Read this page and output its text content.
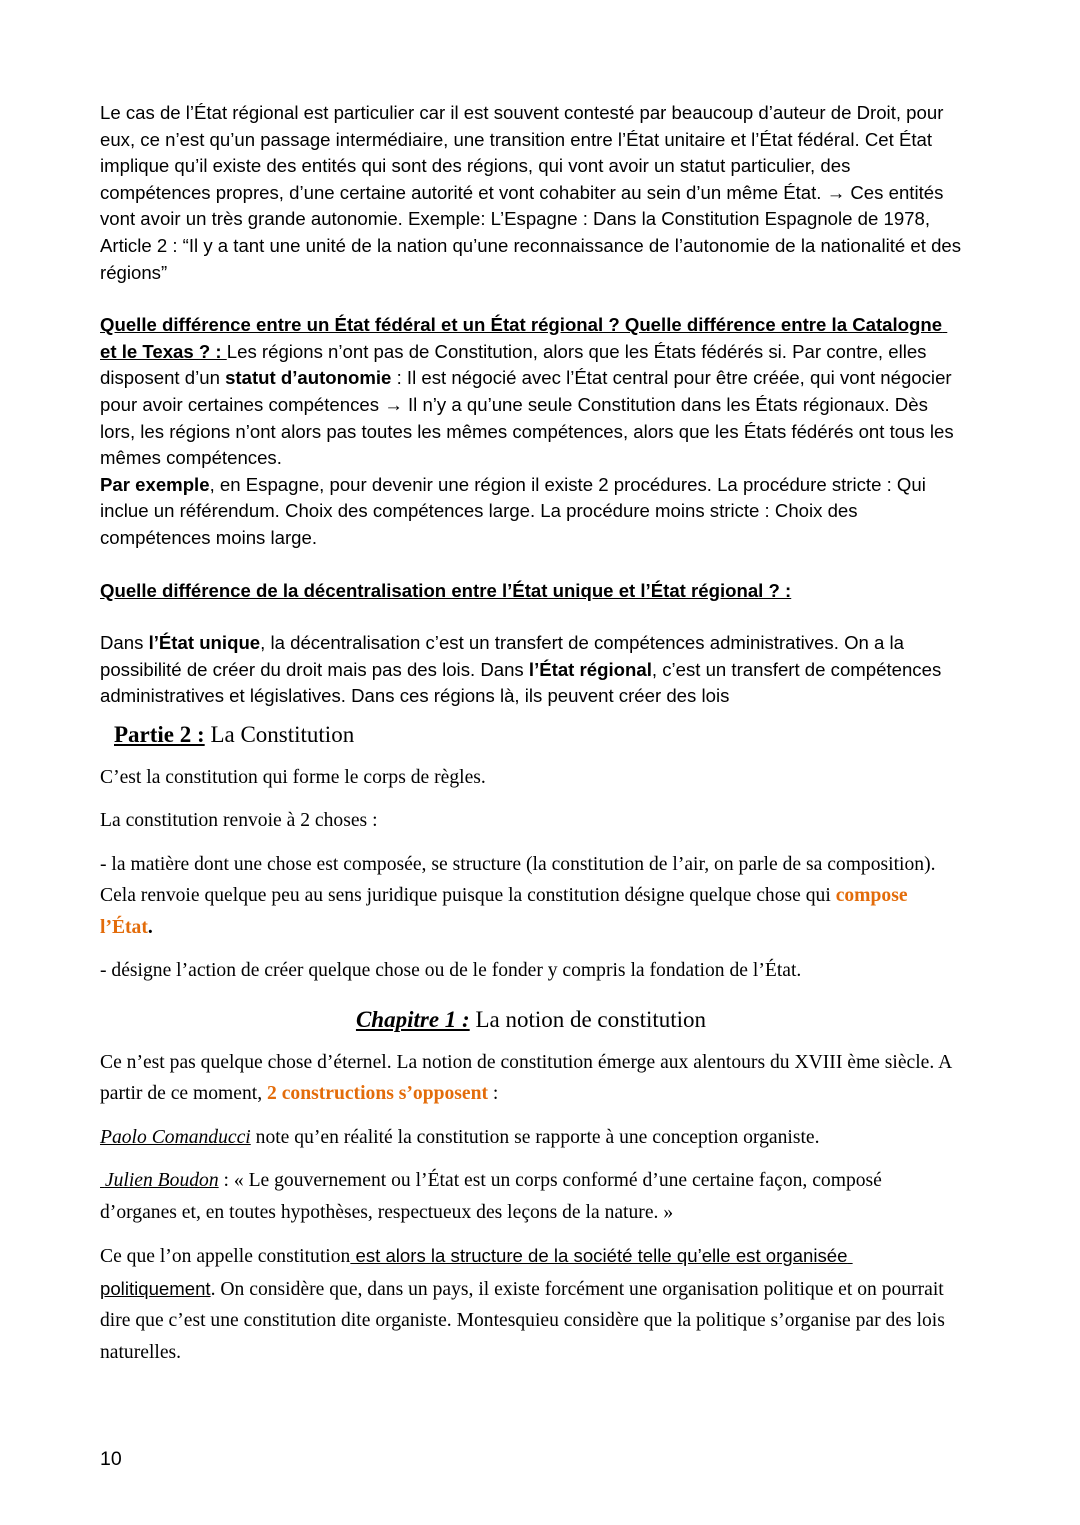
Le cas de l’État régional est particulier car il est souvent contesté par beaucoup d’auteur de Droit, pour eux, ce n’est qu’un passage intermédiaire, une transition entre l’État unitaire et l’État fédéral. Cet État implique qu’il existe des entités qui sont des régions, qui vont avoir un statut particulier, des compétences propres, d’une certaine autorité et vont cohabiter au sein d’un même État. → Ces entités vont avoir un très grande autonomie. Exemple: L’Espagne : Dans la Constitution Espagnole de 1978, Article 2 : “Il y a tant une unité de la nation qu’une reconnaissance de l’autonomie de la nationalité et des régions”

Quelle différence entre un État fédéral et un État régional ? Quelle différence entre la Catalogne et le Texas ? : Les régions n’ont pas de Constitution, alors que les États fédérés si. Par contre, elles disposent d’un statut d’autonomie : Il est négocié avec l’État central pour être créée, qui vont négocier pour avoir certaines compétences → Il n’y a qu’une seule Constitution dans les États régionaux. Dès lors, les régions n’ont alors pas toutes les mêmes compétences, alors que les États fédérés ont tous les mêmes compétences.

Par exemple, en Espagne, pour devenir une région il existe 2 procédures. La procédure stricte : Qui inclue un référendum. Choix des compétences large. La procédure moins stricte : Choix des compétences moins large.

Quelle différence de la décentralisation entre l’État unique et l’État régional ? :

Dans l’État unique, la décentralisation c’est un transfert de compétences administratives. On a la possibilité de créer du droit mais pas des lois. Dans l’État régional, c’est un transfert de compétences administratives et législatives. Dans ces régions là, ils peuvent créer des lois

Partie 2 : La Constitution

C’est la constitution qui forme le corps de règles.

La constitution renvoie à 2 choses :

- la matière dont une chose est composée, se structure (la constitution de l’air, on parle de sa composition). Cela renvoie quelque peu au sens juridique puisque la constitution désigne quelque chose qui compose l’État.

- désigne l’action de créer quelque chose ou de le fonder y compris la fondation de l’État.

Chapitre 1 : La notion de constitution

Ce n’est pas quelque chose d’éternel. La notion de constitution émerge aux alentours du XVIII ème siècle. A partir de ce moment, 2 constructions s’opposent :

Paolo Comanducci note qu’en réalité la constitution se rapporte à une conception organiste.

Julien Boudon : « Le gouvernement ou l’État est un corps conformé d’une certaine façon, composé d’organes et, en toutes hypothèses, respectueux des leçons de la nature. »

Ce que l’on appelle constitution est alors la structure de la société telle qu’elle est organisée politiquement. On considère que, dans un pays, il existe forcément une organisation politique et on pourrait dire que c’est une constitution dite organiste. Montesquieu considère que la politique s’organise par des lois naturelles.

10
